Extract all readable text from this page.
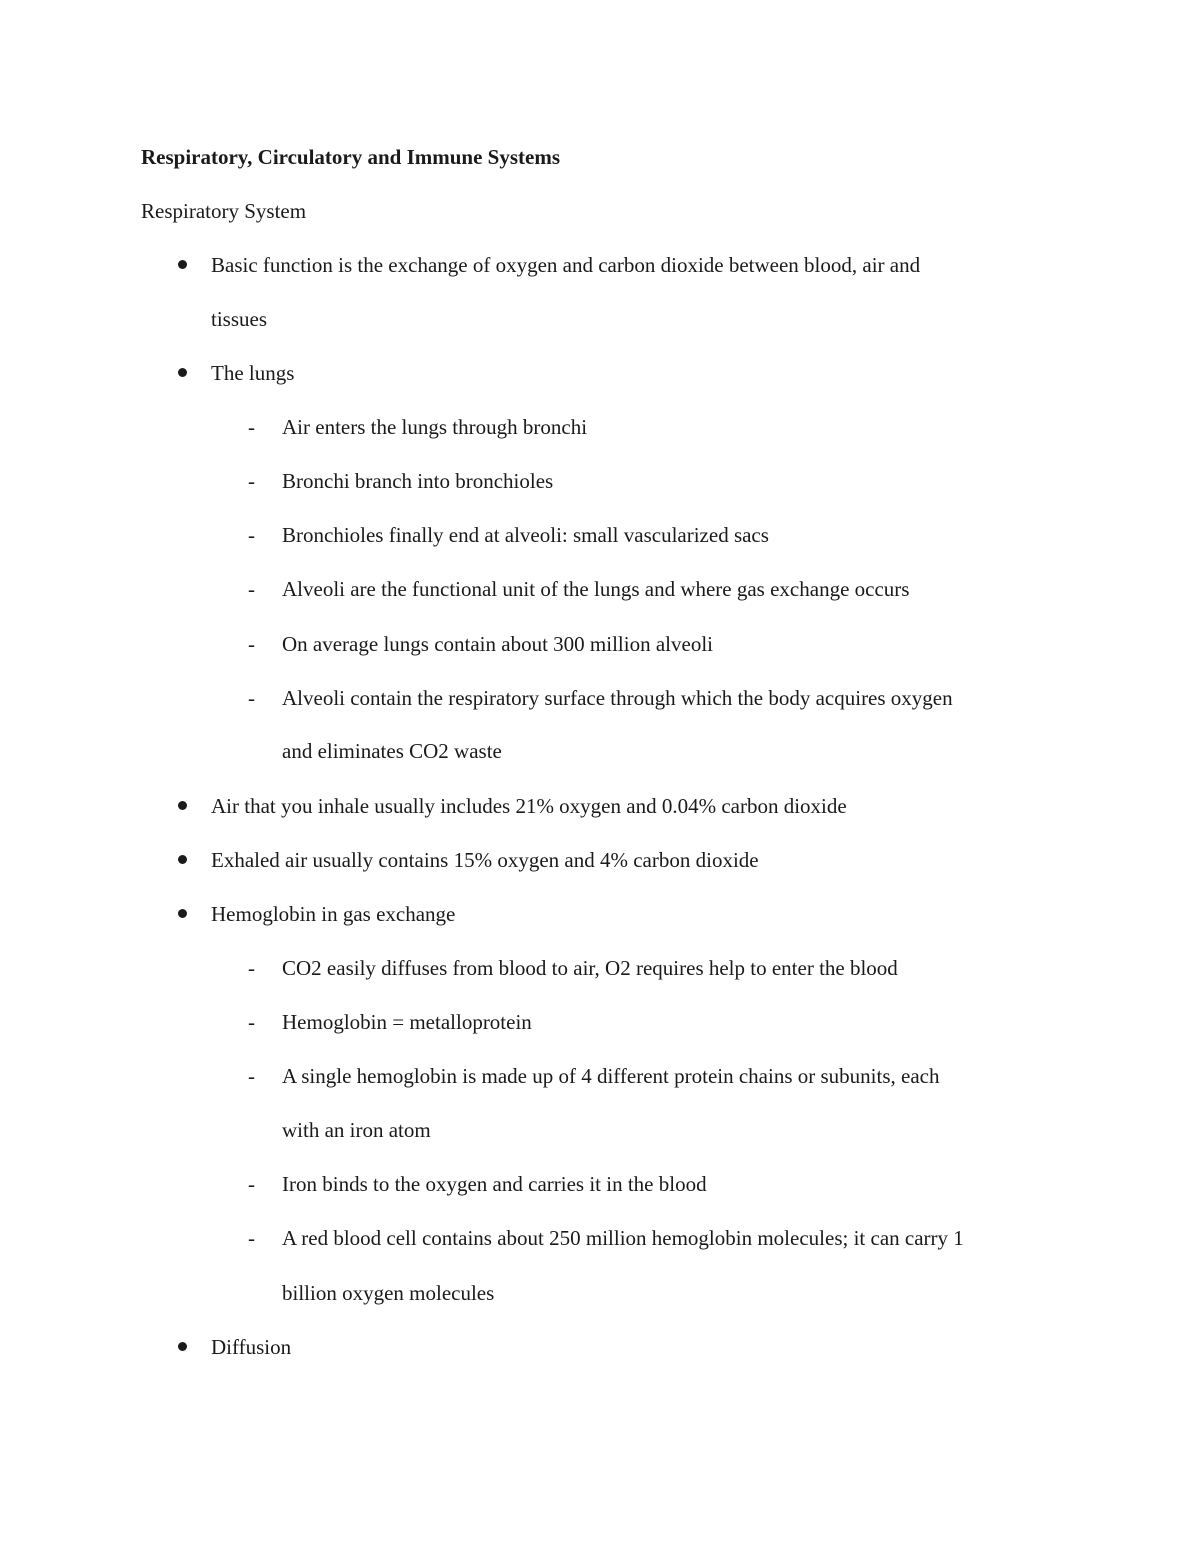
Respiratory, Circulatory and Immune Systems
Respiratory System
Basic function is the exchange of oxygen and carbon dioxide between blood, air and
tissues
The lungs
- Air enters the lungs through bronchi
- Bronchi branch into bronchioles
- Bronchioles finally end at alveoli: small vascularized sacs
- Alveoli are the functional unit of the lungs and where gas exchange occurs
- On average lungs contain about 300 million alveoli
- Alveoli contain the respiratory surface through which the body acquires oxygen
and eliminates CO2 waste
Air that you inhale usually includes 21% oxygen and 0.04% carbon dioxide
Exhaled air usually contains 15% oxygen and 4% carbon dioxide
Hemoglobin in gas exchange
- CO2 easily diffuses from blood to air, O2 requires help to enter the blood
- Hemoglobin = metalloprotein
- A single hemoglobin is made up of 4 different protein chains or subunits, each
with an iron atom
- Iron binds to the oxygen and carries it in the blood
- A red blood cell contains about 250 million hemoglobin molecules; it can carry 1
billion oxygen molecules
Diffusion
